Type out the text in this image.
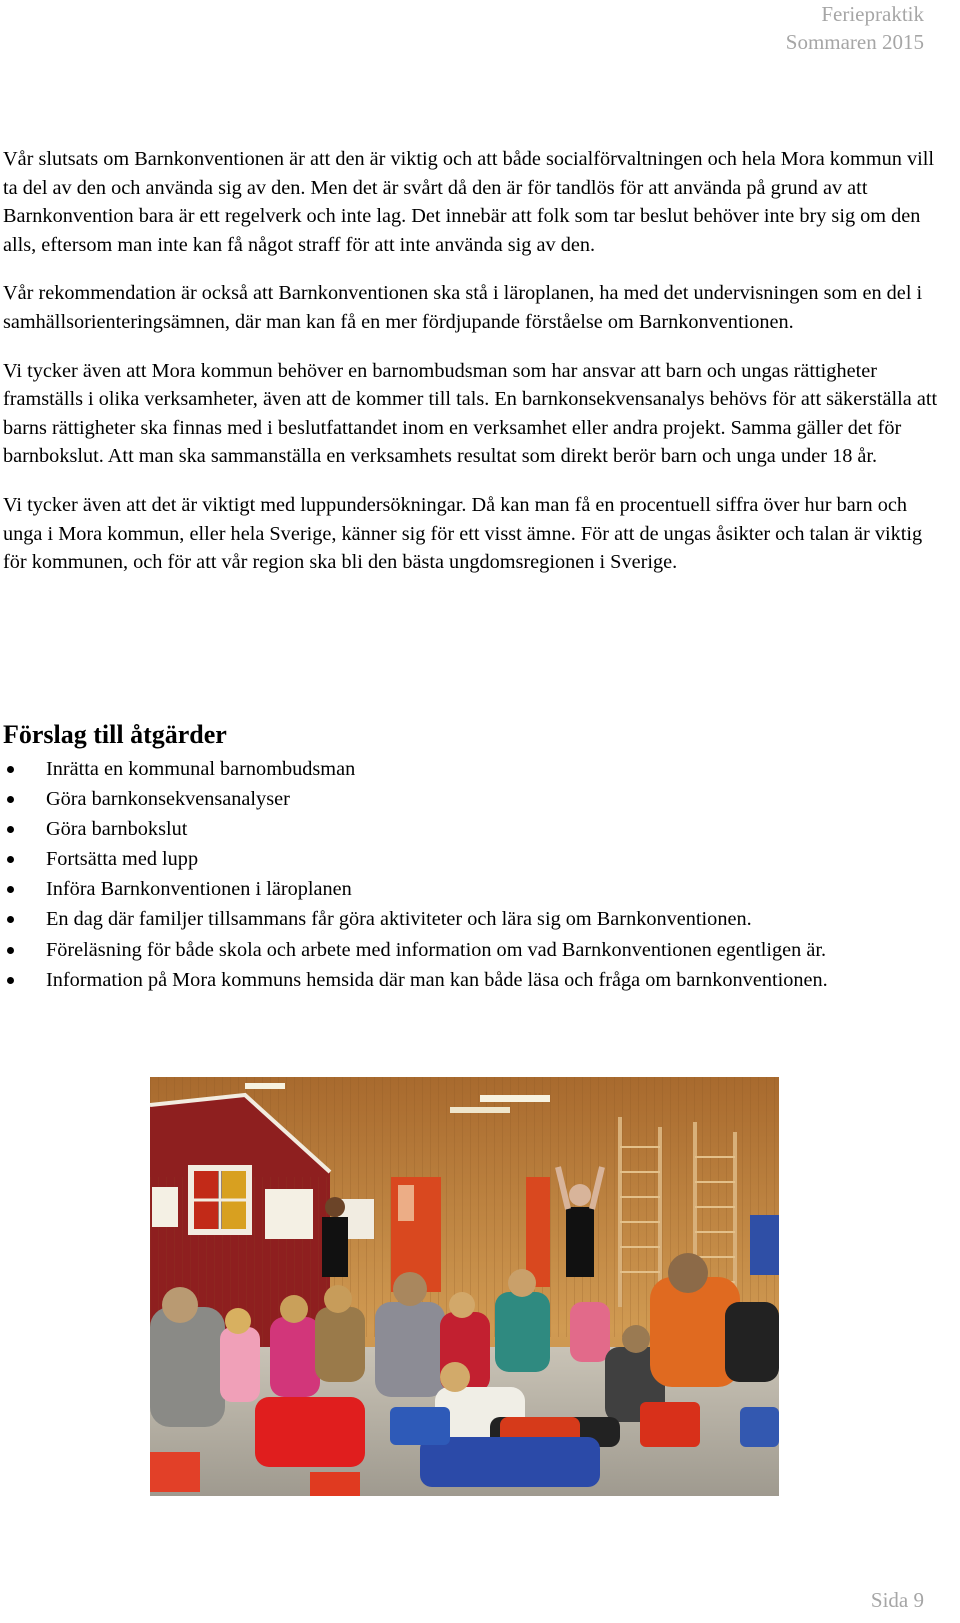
Feriepraktik
Sommaren 2015

Vår slutsats om Barnkonventionen är att den är viktig och att både socialförvaltningen och hela Mora kommun vill ta del av den och använda sig av den. Men det är svårt då den är för tandlös för att använda på grund av att Barnkonvention bara är ett regelverk och inte lag. Det innebär att folk som tar beslut behöver inte bry sig om den alls, eftersom man inte kan få något straff för att inte använda sig av den.

Vår rekommendation är också att Barnkonventionen ska stå i läroplanen, ha med det undervisningen som en del i samhällsorienteringsämnen, där man kan få en mer fördjupande förståelse om Barnkonventionen.

Vi tycker även att Mora kommun behöver en barnombudsman som har ansvar att barn och ungas rättigheter framställs i olika verksamheter, även att de kommer till tals. En barnkonsekvensanalys behövs för att säkerställa att barns rättigheter ska finnas med i beslutfattandet inom en verksamhet eller andra projekt. Samma gäller det för barnbokslut. Att man ska sammanställa en verksamhets resultat som direkt berör barn och unga under 18 år.

Vi tycker även att det är viktigt med luppundersökningar. Då kan man få en procentuell siffra över hur barn och unga i Mora kommun, eller hela Sverige, känner sig för ett visst ämne. För att de ungas åsikter och talan är viktig för kommunen, och för att vår region ska bli den bästa ungdomsregionen i Sverige.

Förslag till åtgärder
Inrätta en kommunal barnombudsman
Göra barnkonsekvensanalyser
Göra barnbokslut
Fortsätta med lupp
Införa Barnkonventionen i läroplanen
En dag där familjer tillsammans får göra aktiviteter och lära sig om Barnkonventionen.
Föreläsning för både skola och arbete med information om vad Barnkonventionen egentligen är.
Information på Mora kommuns hemsida där man kan både läsa och fråga om barnkonventionen.
Sida 9
